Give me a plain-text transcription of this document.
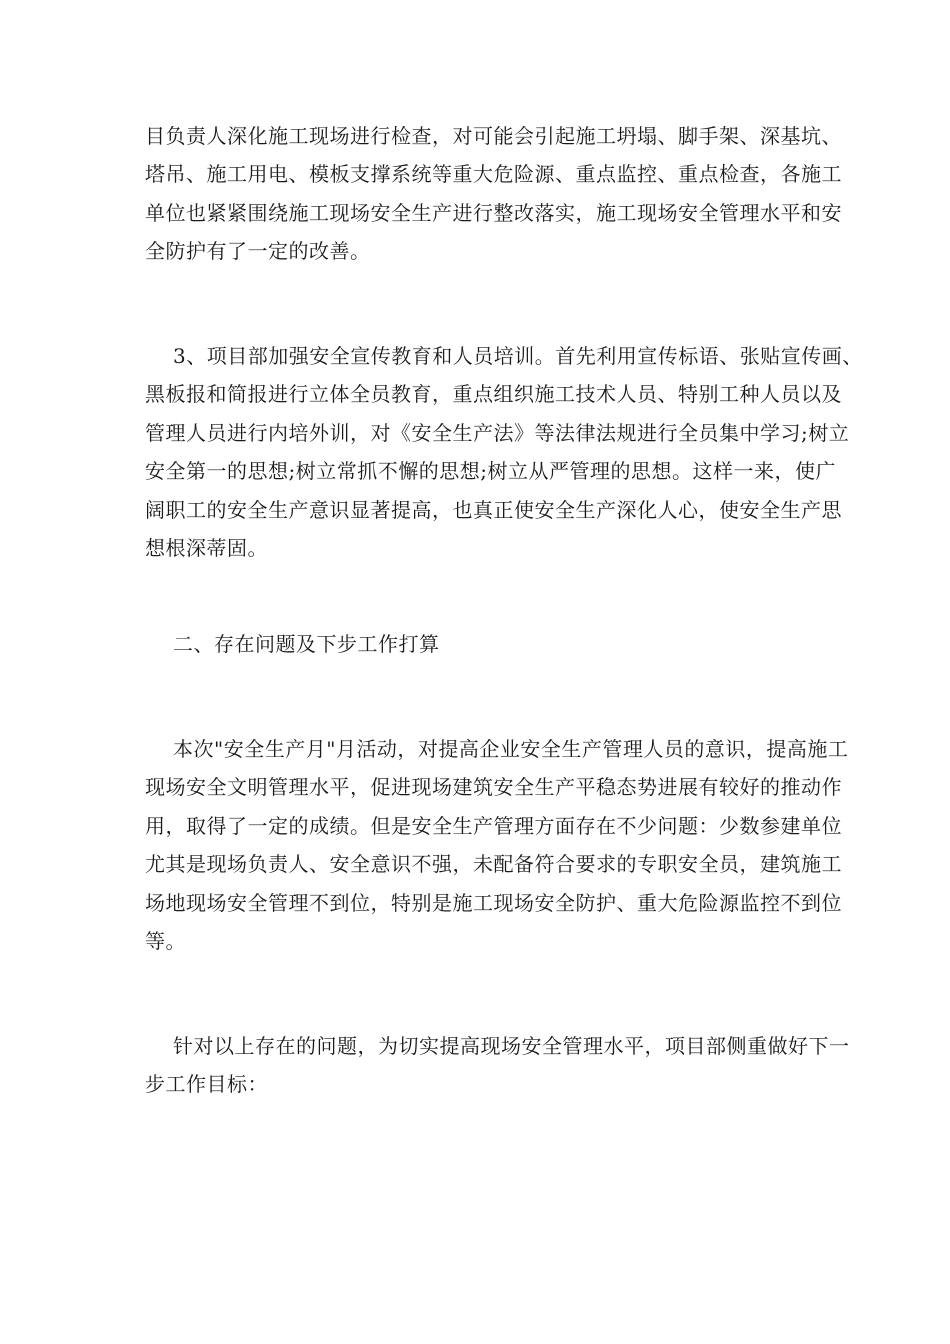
目负责人深化施工现场进行检查，对可能会引起施工坍塌、脚手架、深基坑、
塔吊、施工用电、模板支撑系统等重大危险源、重点监控、重点检查，各施工
单位也紧紧围绕施工现场安全生产进行整改落实，施工现场安全管理水平和安
全防护有了一定的改善。
3、项目部加强安全宣传教育和人员培训。首先利用宣传标语、张贴宣传画、
黑板报和简报进行立体全员教育，重点组织施工技术人员、特别工种人员以及
管理人员进行内培外训，对《安全生产法》等法律法规进行全员集中学习;树立
安全第一的思想;树立常抓不懈的思想;树立从严管理的思想。这样一来，使广
阔职工的安全生产意识显著提高，也真正使安全生产深化人心，使安全生产思
想根深蒂固。
二、存在问题及下步工作打算
本次"安全生产月"月活动，对提高企业安全生产管理人员的意识，提高施工
现场安全文明管理水平，促进现场建筑安全生产平稳态势进展有较好的推动作
用，取得了一定的成绩。但是安全生产管理方面存在不少问题：少数参建单位
尤其是现场负责人、安全意识不强，未配备符合要求的专职安全员，建筑施工
场地现场安全管理不到位，特别是施工现场安全防护、重大危险源监控不到位
等。
针对以上存在的问题，为切实提高现场安全管理水平，项目部侧重做好下一
步工作目标：
